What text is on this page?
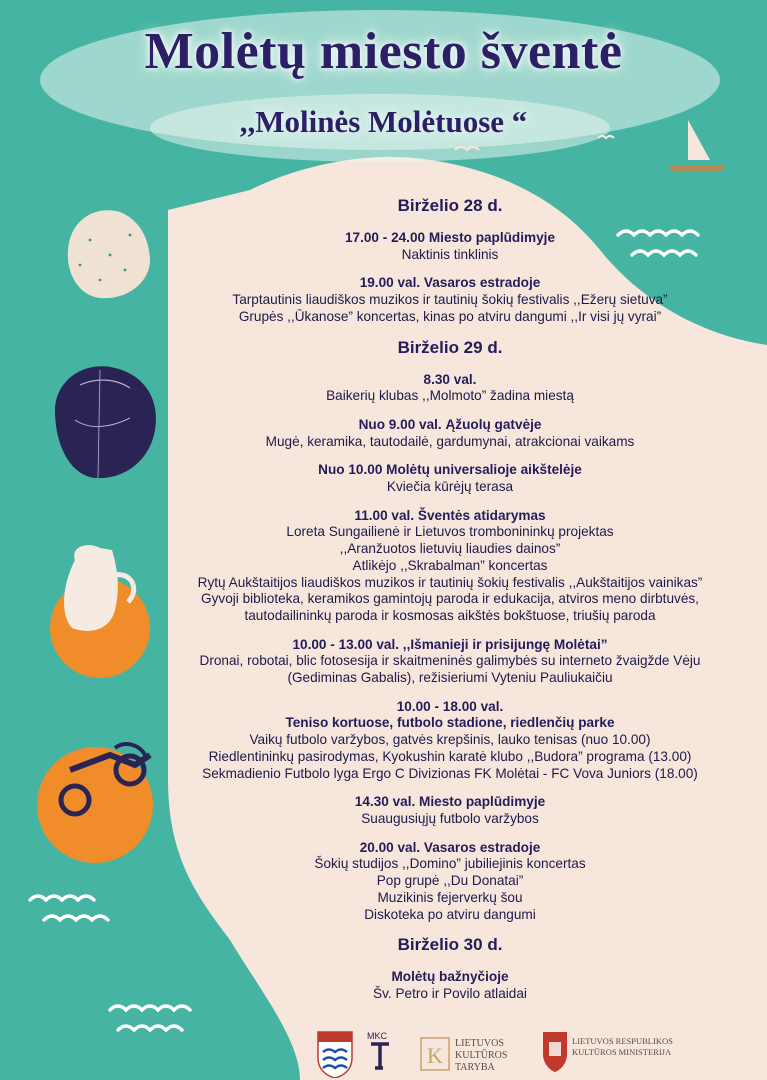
Molėtų miesto šventė
,,Molinės Molėtuose “
Birželio 28 d.
17.00 - 24.00 Miesto paplūdimyje
Naktinis tinklinis
19.00 val. Vasaros estradoje
Tarptautinis liaudiškos muzikos ir tautinių šokių festivalis ,,Ežerų sietuva”
Grupės ,,Ūkanose” koncertas, kinas po atviru dangumi ,,Ir visi jų vyrai”
Birželio 29 d.
8.30 val.
Baikerių klubas ,,Molmoto” žadina miestą
Nuo 9.00 val. Ąžuolų gatvėje
Mugė, keramika, tautodailė, gardumynai, atrakcionai vaikams
Nuo 10.00 Molėtų universalioje aikštelėje
Kviečia kūrėjų terasa
11.00 val. Šventės atidarymas
Loreta Sungailienė ir Lietuvos trombonininkų projektas
,,Aranžuotos lietuvių liaudies dainos”
Atlikėjo ,,Skrabalman” koncertas
Rytų Aukštaitijos liaudiškos muzikos ir tautinių šokių festivalis ,,Aukštaitijos vainikas”
Gyvoji biblioteka, keramikos gamintojų paroda ir edukacija, atviros meno dirbtuvės,
tautodailininkų paroda ir kosmosas aikštės bokštuose, triušių paroda
10.00 - 13.00 val. ,,Išmanieji ir prisijungę Molėtai”
Dronai, robotai, blic fotosesija ir skaitmeninės galimybės su interneto žvaigžde Vėju
(Gediminas Gabalis), režisieriumi Vyteniu Pauliukaičiu
10.00 - 18.00 val.
Teniso kortuose, futbolo stadione, riedlenčių parke
Vaikų futbolo varžybos, gatvės krepšinis, lauko tenisas (nuo 10.00)
Riedlentininkų pasirodymas, Kyokushin karatė klubo ,,Budora” programa (13.00)
Sekmadienio Futbolo lyga Ergo C Divizionas FK Molėtai - FC Vova Juniors (18.00)
14.30 val. Miesto paplūdimyje
Suaugusiųjų futbolo varžybos
20.00 val. Vasaros estradoje
Šokių studijos ,,Domino” jubiliejinis koncertas
Pop grupė ,,Du Donatai”
Muzikinis fejerverkų šou
Diskoteka po atviru dangumi
Birželio 30 d.
Molėtų bažnyčioje
Šv. Petro ir Povilo atlaidai
MKC
K LIETUVOS
KULTŪROS
TARYBA
LIETUVOS RESPUBLIKOS
KULTŪROS MINISTERIJA
